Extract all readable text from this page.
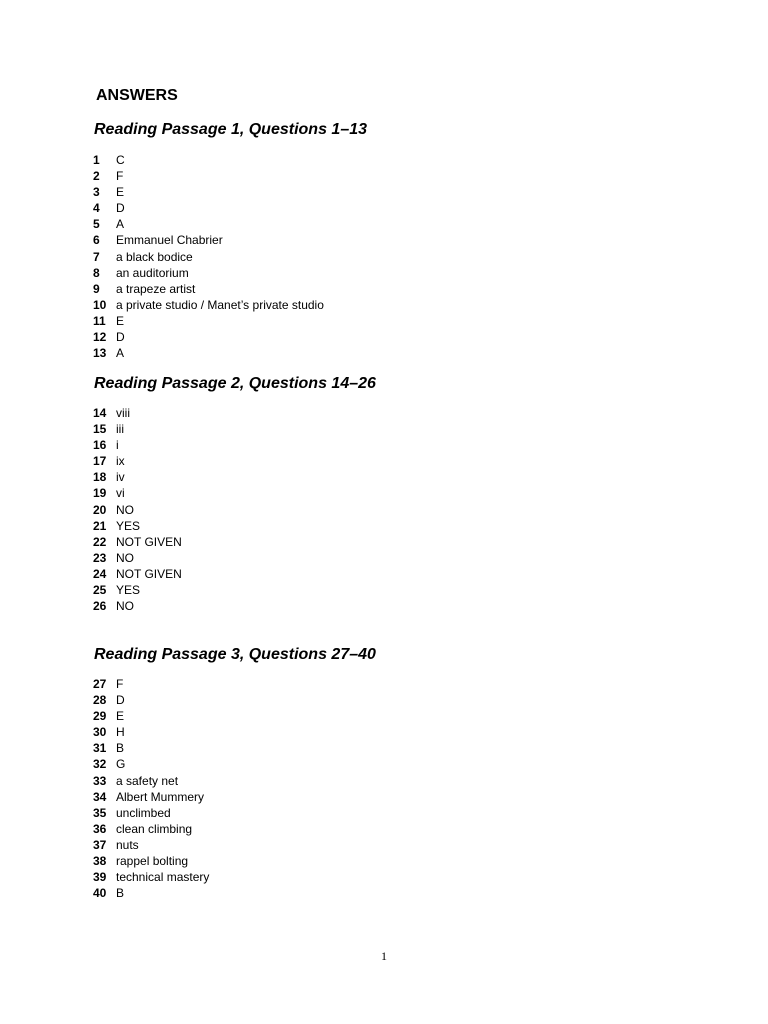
ANSWERS
Reading Passage 1, Questions 1–13
1 C
2 F
3 E
4 D
5 A
6 Emmanuel Chabrier
7 a black bodice
8 an auditorium
9 a trapeze artist
10 a private studio / Manet’s private studio
11 E
12 D
13 A
Reading Passage 2, Questions 14–26
14 viii
15 iii
16 i
17 ix
18 iv
19 vi
20 NO
21 YES
22 NOT GIVEN
23 NO
24 NOT GIVEN
25 YES
26 NO
Reading Passage 3, Questions 27–40
27 F
28 D
29 E
30 H
31 B
32 G
33 a safety net
34 Albert Mummery
35 unclimbed
36 clean climbing
37 nuts
38 rappel bolting
39 technical mastery
40 B
1
